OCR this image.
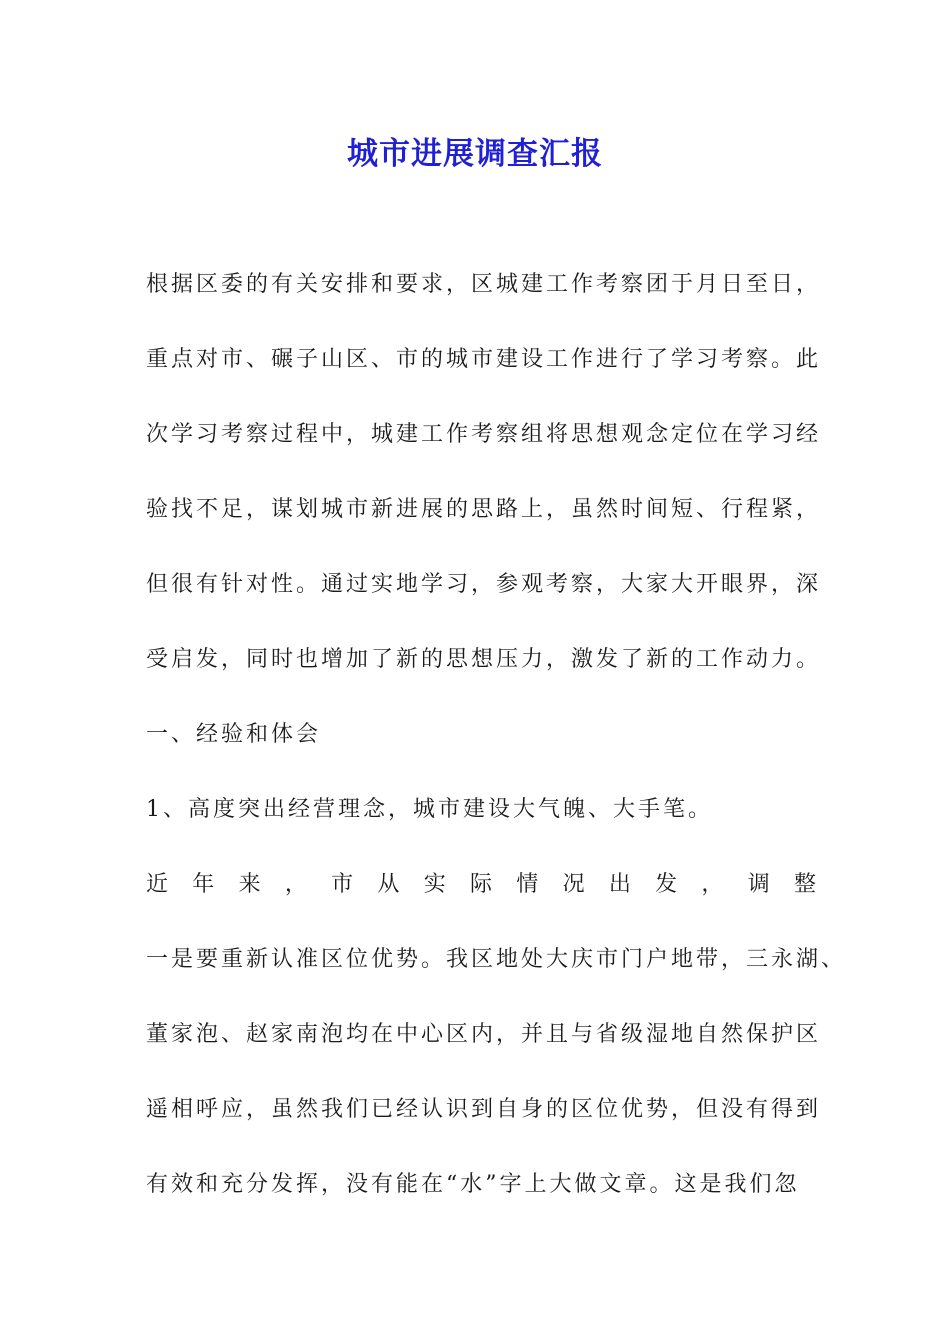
城市进展调查汇报

根据区委的有关安排和要求，区城建工作考察团于月日至日，

重点对市、碾子山区、市的城市建设工作进行了学习考察。此

次学习考察过程中，城建工作考察组将思想观念定位在学习经

验找不足，谋划城市新进展的思路上，虽然时间短、行程紧，

但很有针对性。通过实地学习，参观考察，大家大开眼界，深

受启发，同时也增加了新的思想压力，激发了新的工作动力。

一、经验和体会

1、高度突出经营理念，城市建设大气魄、大手笔。

近 年 来 ， 市 从 实 际 情 况 出 发 ， 调 整

一是要重新认准区位优势。我区地处大庆市门户地带，三永湖、

董家泡、赵家南泡均在中心区内，并且与省级湿地自然保护区

遥相呼应，虽然我们已经认识到自身的区位优势，但没有得到

有效和充分发挥，没有能在“水”字上大做文章。这是我们忽
